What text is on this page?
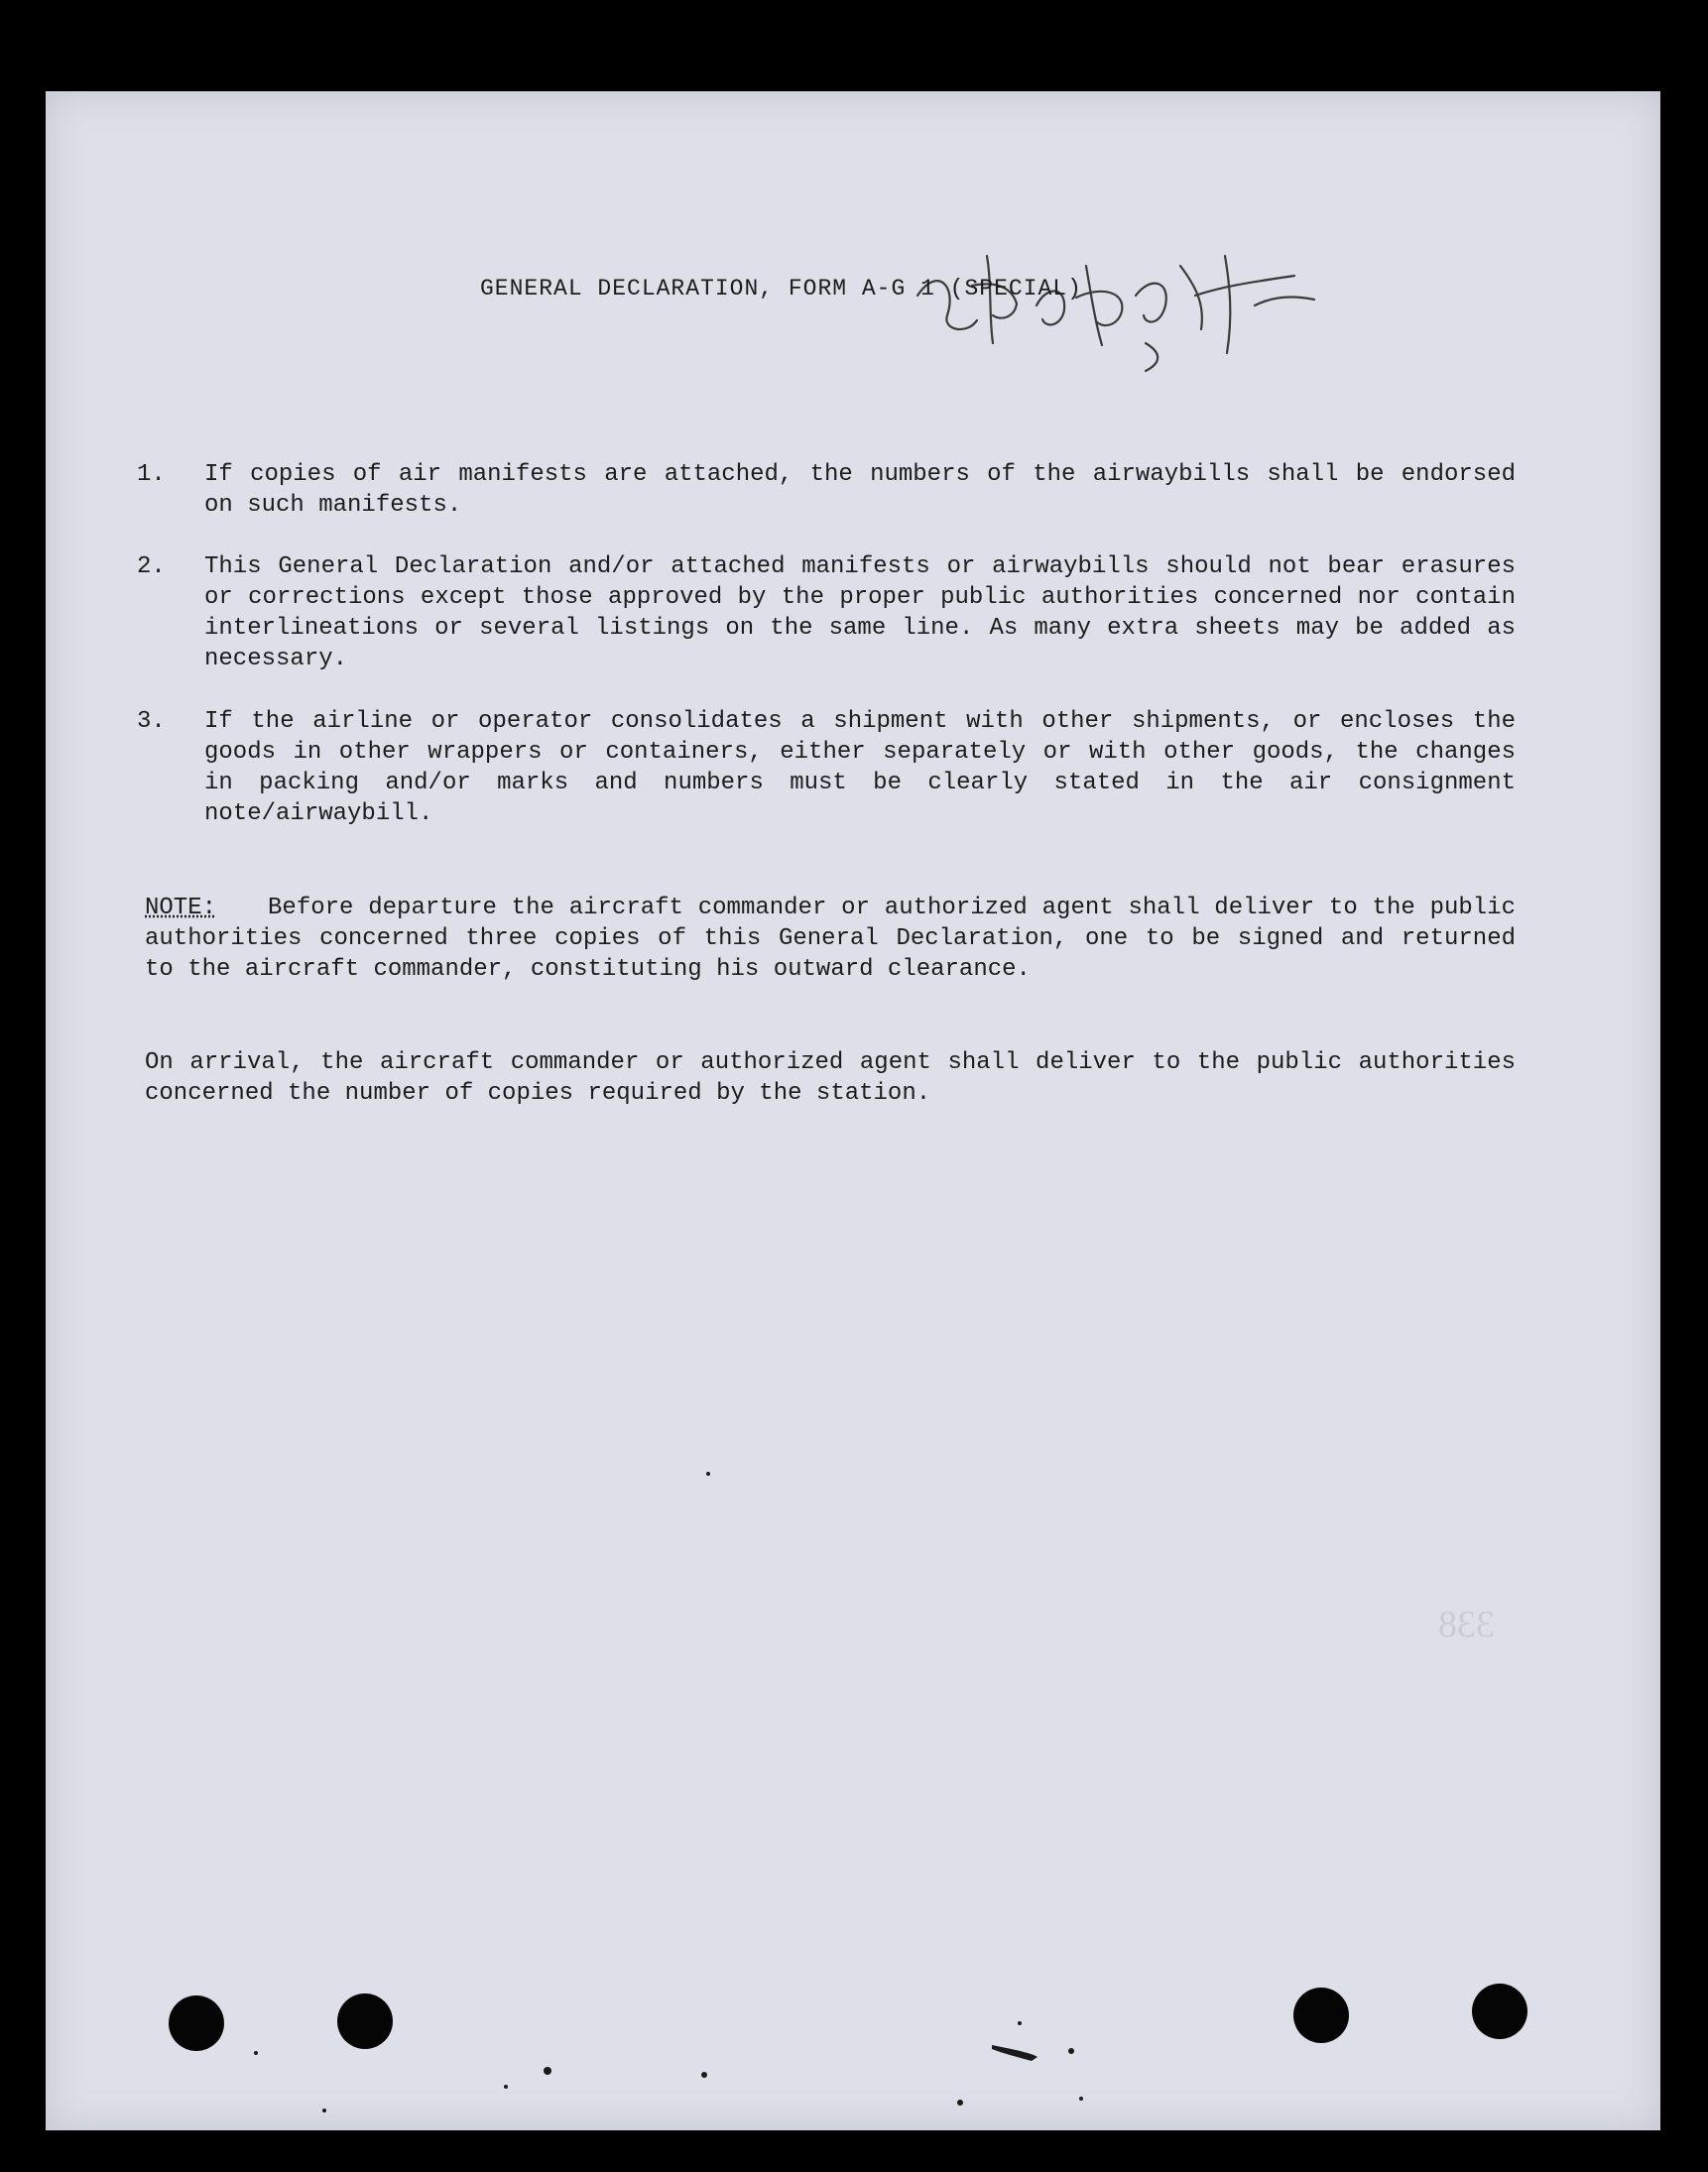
GENERAL DECLARATION, FORM A-G 1 (SPECIAL)
1.	If copies of air manifests are attached, the numbers of the airwaybills shall be endorsed on such manifests.
2.	This General Declaration and/or attached manifests or airwaybills should not bear erasures or corrections except those approved by the proper public authorities concerned nor contain interlineations or several listings on the same line. As many extra sheets may be added as necessary.
3.	If the airline or operator consolidates a shipment with other shipments, or encloses the goods in other wrappers or containers, either separately or with other goods, the changes in packing and/or marks and numbers must be clearly stated in the air consignment note/airwaybill.
NOTE: Before departure the aircraft commander or authorized agent shall deliver to the public authorities concerned three copies of this General Declaration, one to be signed and returned to the aircraft commander, constituting his outward clearance.
On arrival, the aircraft commander or authorized agent shall deliver to the public authorities concerned the number of copies required by the station.
338
